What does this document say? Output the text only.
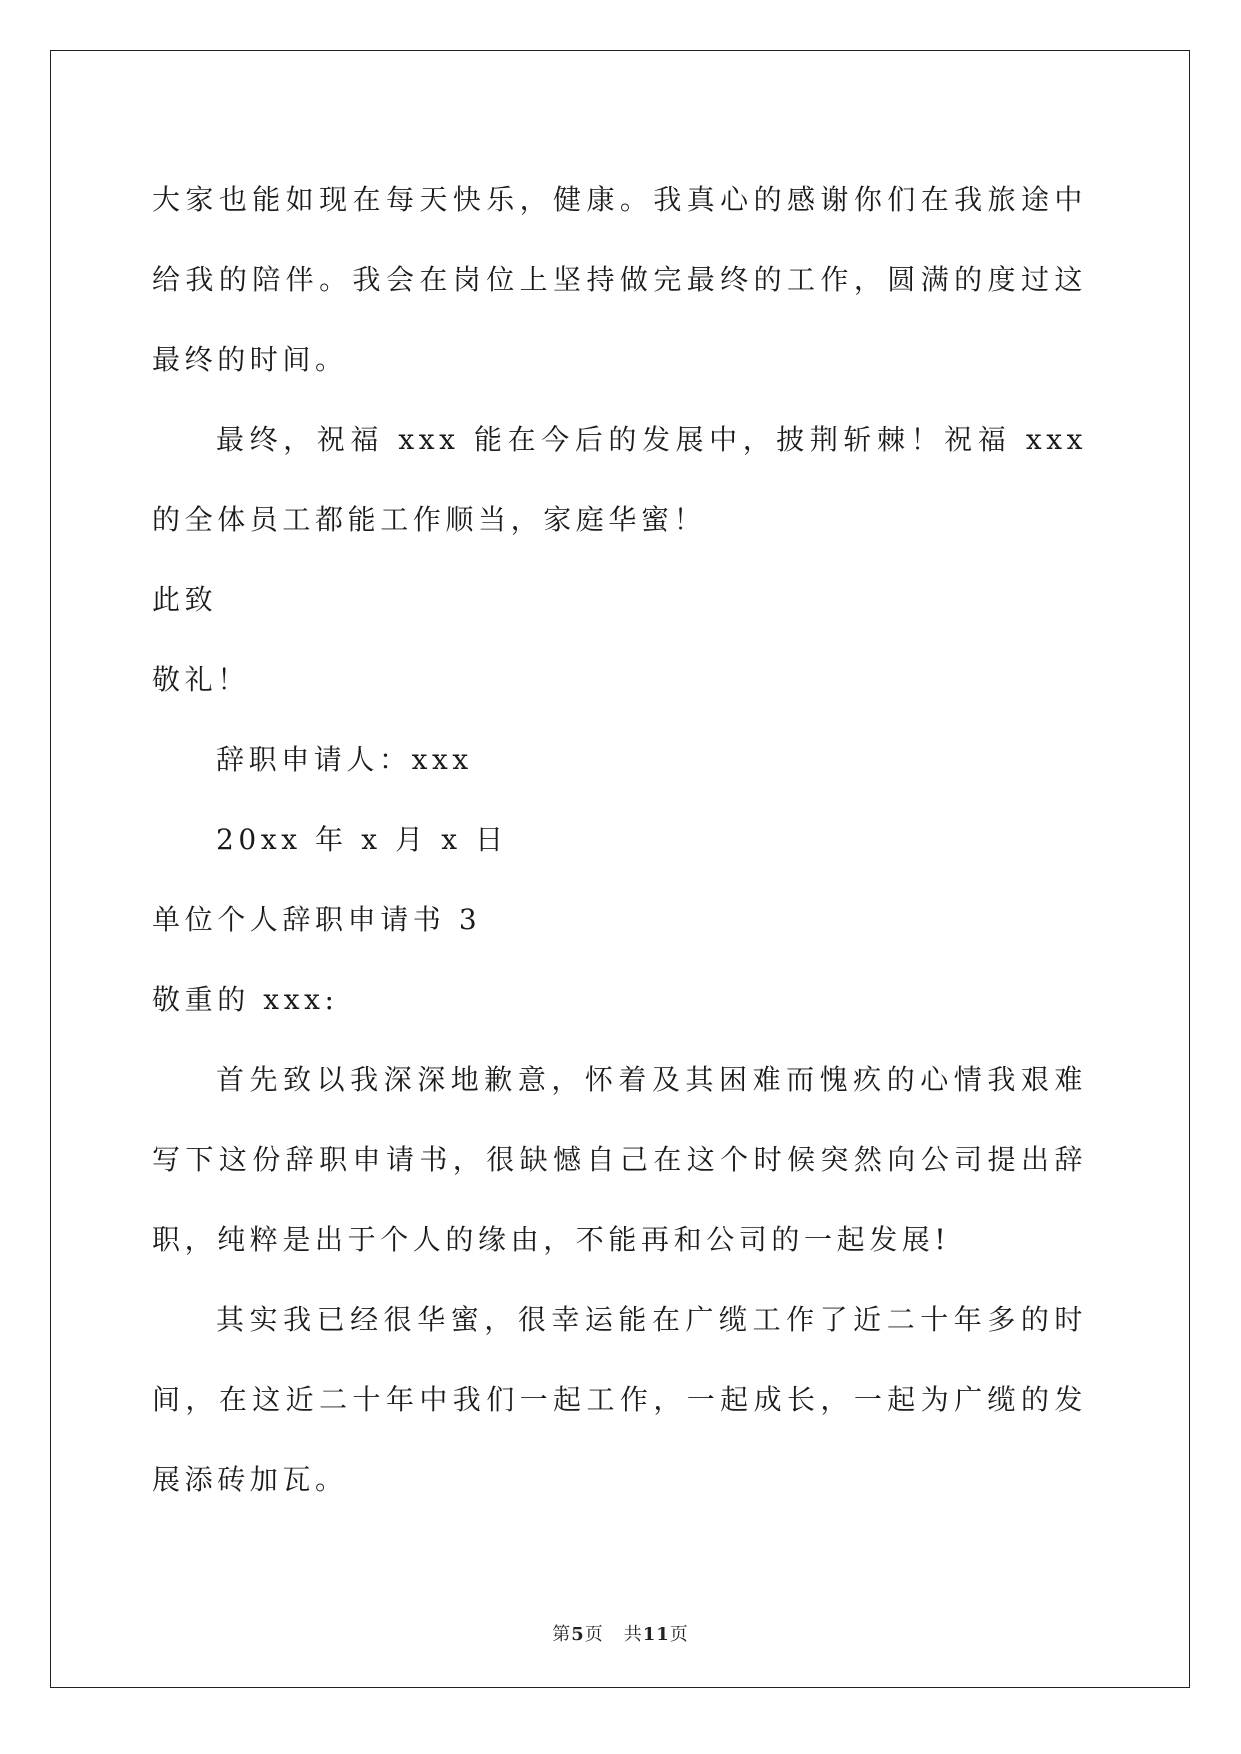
大家也能如现在每天快乐，健康。我真心的感谢你们在我旅途中给我的陪伴。我会在岗位上坚持做完最终的工作，圆满的度过这最终的时间。

最终，祝福 xxx 能在今后的发展中，披荆斩棘！祝福 xxx 的全体员工都能工作顺当，家庭华蜜！

此致

敬礼！

辞职申请人：xxx

20xx 年 x 月 x 日

单位个人辞职申请书 3

敬重的 xxx:

首先致以我深深地歉意，怀着及其困难而愧疚的心情我艰难写下这份辞职申请书，很缺憾自己在这个时候突然向公司提出辞职，纯粹是出于个人的缘由，不能再和公司的一起发展!

其实我已经很华蜜，很幸运能在广缆工作了近二十年多的时间，在这近二十年中我们一起工作，一起成长，一起为广缆的发展添砖加瓦。

第5页 共11页
